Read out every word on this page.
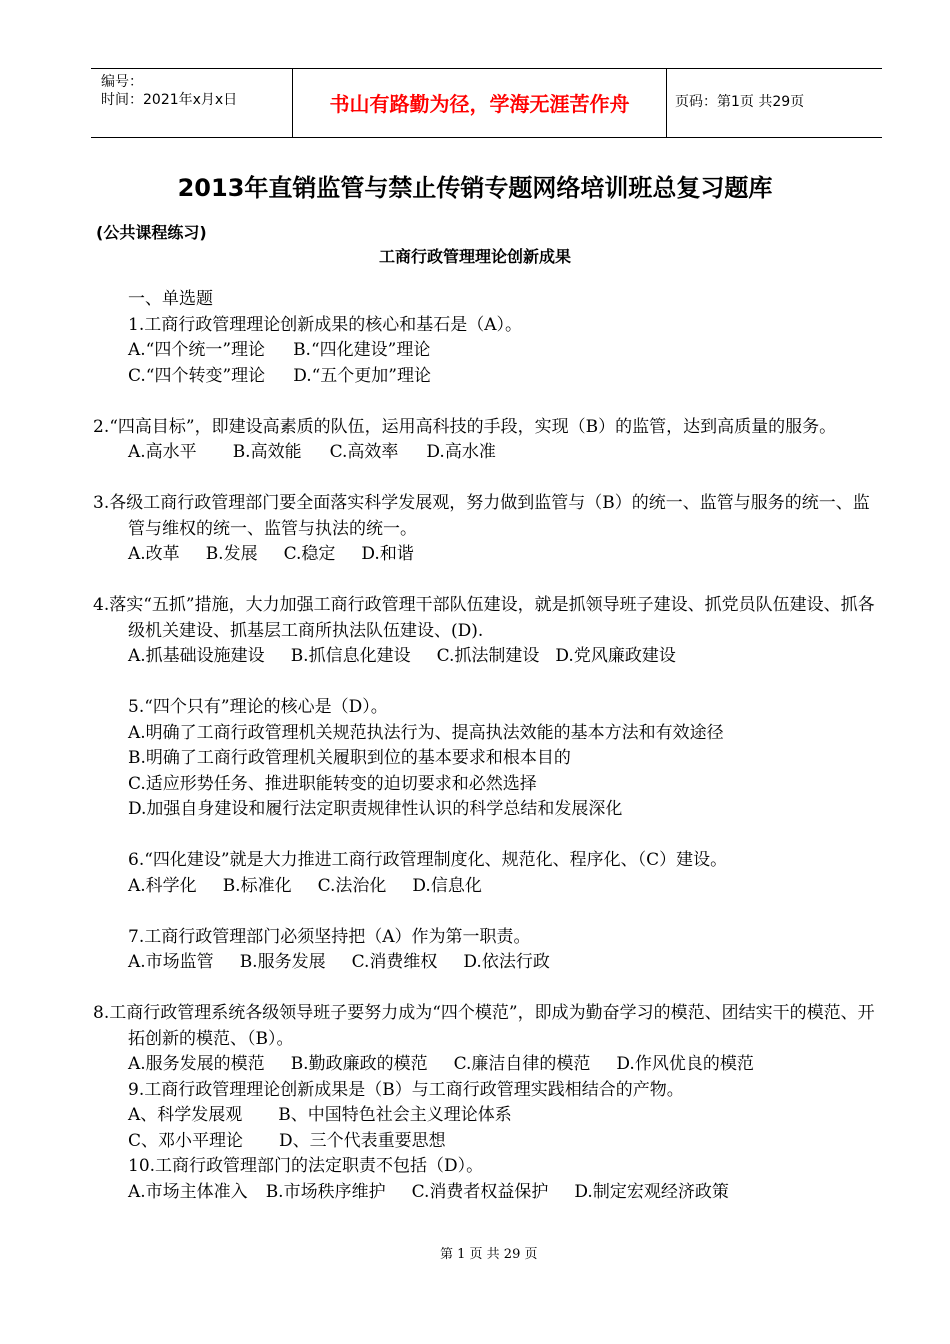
编号：
时间：2021年x月x日	书山有路勤为径，学海无涯苦作舟	页码：第1页 共29页
2013年直销监管与禁止传销专题网络培训班总复习题库
(公共课程练习)
工商行政管理理论创新成果

一、单选题

1.工商行政管理理论创新成果的核心和基石是（A）。

A.“四个统一”理论 B.“四化建设”理论

C.“四个转变”理论 D.“五个更加”理论

2.“四高目标”，即建设高素质的队伍，运用高科技的手段，实现（B）的监管，达到高质量的服务。

A.高水平 B.高效能 C.高效率 D.高水准

3.各级工商行政管理部门要全面落实科学发展观，努力做到监管与（B）的统一、监管与服务的统一、监管与维权的统一、监管与执法的统一。

A.改革 B.发展 C.稳定 D.和谐

4.落实“五抓”措施，大力加强工商行政管理干部队伍建设，就是抓领导班子建设、抓党员队伍建设、抓各级机关建设、抓基层工商所执法队伍建设、(D).

A.抓基础设施建设 B.抓信息化建设 C.抓法制建设 D.党风廉政建设

5.“四个只有”理论的核心是（D）。

A.明确了工商行政管理机关规范执法行为、提高执法效能的基本方法和有效途径

B.明确了工商行政管理机关履职到位的基本要求和根本目的

C.适应形势任务、推进职能转变的迫切要求和必然选择

D.加强自身建设和履行法定职责规律性认识的科学总结和发展深化

6.“四化建设”就是大力推进工商行政管理制度化、规范化、程序化、（C）建设。

A.科学化 B.标准化 C.法治化 D.信息化

7.工商行政管理部门必须坚持把（A）作为第一职责。

A.市场监管 B.服务发展 C.消费维权 D.依法行政

8.工商行政管理系统各级领导班子要努力成为“四个模范”，即成为勤奋学习的模范、团结实干的模范、开拓创新的模范、（B）。

A.服务发展的模范 B.勤政廉政的模范 C.廉洁自律的模范 D.作风优良的模范

9.工商行政管理理论创新成果是（B）与工商行政管理实践相结合的产物。

A、科学发展观 B、中国特色社会主义理论体系

C、邓小平理论 D、三个代表重要思想

10.工商行政管理部门的法定职责不包括（D）。

A.市场主体准入 B.市场秩序维护 C.消费者权益保护 D.制定宏观经济政策

第 1 页 共 29 页
